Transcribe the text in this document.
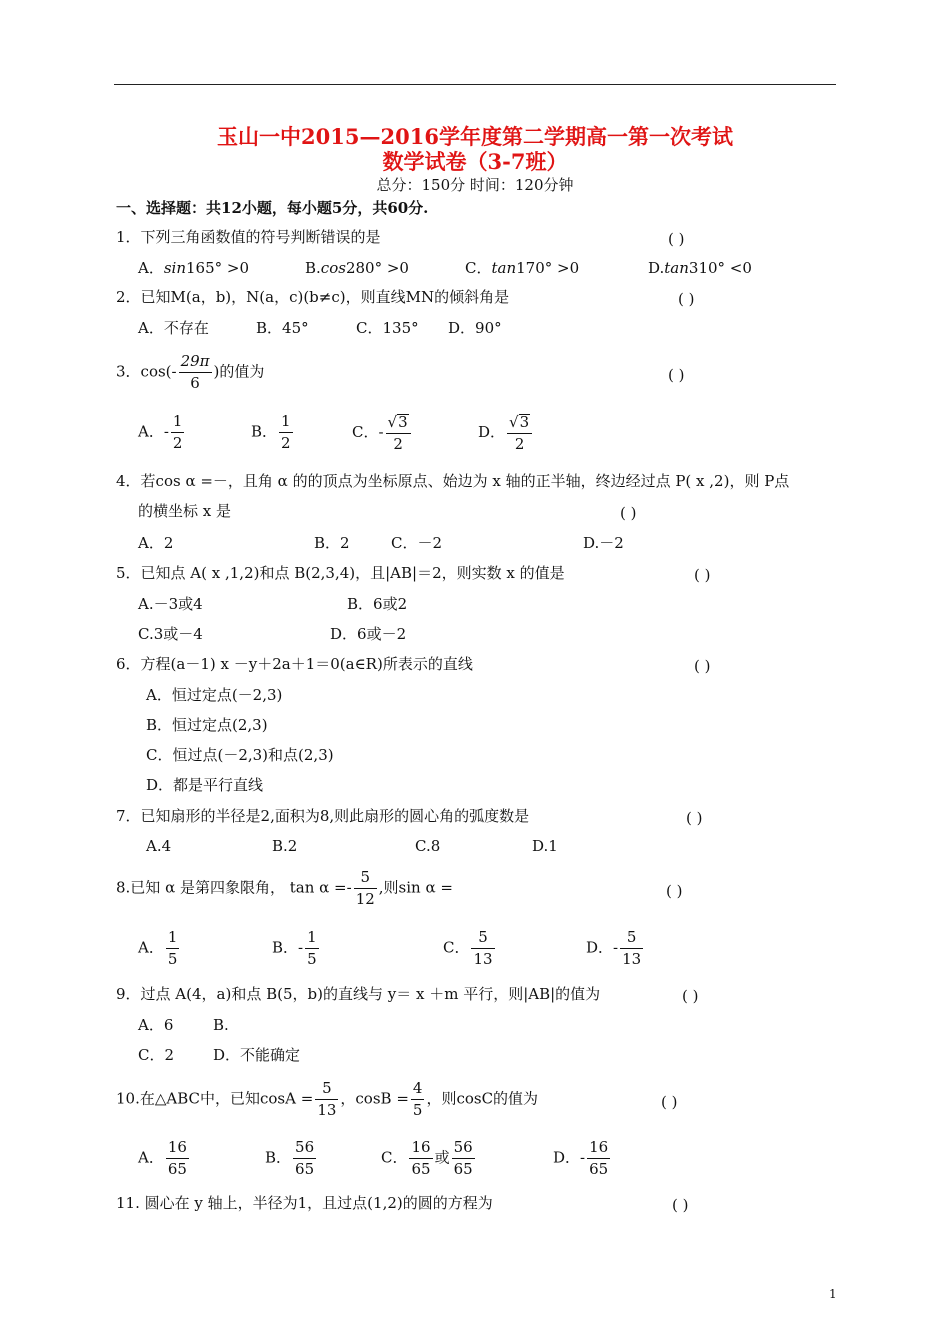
玉山一中2015—2016学年度第二学期高一第一次考试
数学试卷（3-7班）
总分：150分 时间：120分钟
一、选择题：共12小题，每小题5分，共60分.
1．下列三角函数值的符号判断错误的是	( )
A．sin165° >0	B.cos280° >0	C．tan170° >0	D.tan310° <0
2．已知M(a，b)，N(a，c)(b≠c)，则直线MN的倾斜角是	( )
A．不存在	B．45°	C．135° D．90°
3．$\cos(- \frac{29\pi}{6}$ )的值为	( )
A．- $\frac{1}{2}$	B． $\frac{1}{2}$	C．- $\frac{√3}{2}$	D． $\frac{√3}{2}$
4．若cos α =－，且角 α 的的顶点为坐标原点、始边为 x 轴的正半轴，终边经过点 P( x ,2)，则 P点
的横坐标 x 是	( )
A．2	B．2	C．－2	D.－2
5．已知点 A( x ,1,2)和点 B(2,3,4)，且|AB|＝2，则实数 x 的值是	( )
A.－3或4	B．6或2
C.3或－4	D．6或－2
6．方程(a－1) x －y＋2a＋1＝0(a∈R)所表示的直线	( )
A．恒过定点(－2,3)
B．恒过定点(2,3)
C．恒过点(－2,3)和点(2,3)
D．都是平行直线
7．已知扇形的半径是2,面积为8,则此扇形的圆心角的弧度数是	( )
A.4	B.2	C.8	D.1
8.已知 α 是第四象限角， $\tan \alpha =- \frac{5}{12}$ ,则sin α =	( )
A． $\frac{1}{5}$	B．- $\frac{1}{5}$	C． $\frac{5}{13}$	D．- $\frac{5}{13}$
9．过点 A(4，a)和点 B(5，b)的直线与 y＝ x ＋m 平行，则|AB|的值为	( )
A．6	B.
C．2	D．不能确定
10.在△ABC中，已知$\cos A = \frac{5}{13}$ ，$\cos B = \frac{4}{5}$ ，则cosC的值为	( )
A． $\frac{16}{65}$	B． $\frac{56}{65}$	C． $\frac{16}{65}$ 或 $\frac{56}{65}$	D．- $\frac{16}{65}$
11. 圆心在 y 轴上，半径为1，且过点(1,2)的圆的方程为	( )
1
